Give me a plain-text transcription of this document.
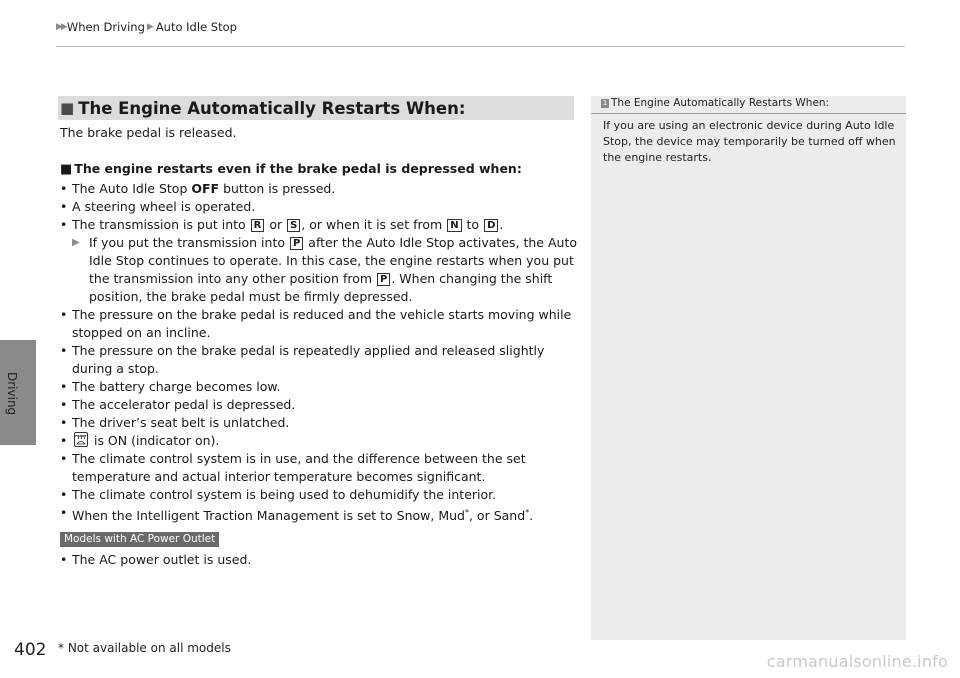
▶▶ When Driving ▶ Auto Idle Stop
Driving
■ The Engine Automatically Restarts When:

The brake pedal is released.

■ The engine restarts even if the brake pedal is depressed when:

• The Auto Idle Stop OFF button is pressed.
• A steering wheel is operated.
• The transmission is put into R or S , or when it is set from N to D .
▶ If you put the transmission into P after the Auto Idle Stop activates, the Auto Idle Stop continues to operate. In this case, the engine restarts when you put the transmission into any other position from P . When changing the shift position, the brake pedal must be firmly depressed.
• The pressure on the brake pedal is reduced and the vehicle starts moving while stopped on an incline.
• The pressure on the brake pedal is repeatedly applied and released slightly during a stop.
• The battery charge becomes low.
• The accelerator pedal is depressed.
• The driver’s seat belt is unlatched.
• FRONT is ON (indicator on).
• The climate control system is in use, and the difference between the set temperature and actual interior temperature becomes significant.
• The climate control system is being used to dehumidify the interior.
• When the Intelligent Traction Management is set to Snow, Mud*, or Sand*.
Models with AC Power Outlet
• The AC power outlet is used.
1 The Engine Automatically Restarts When:
If you are using an electronic device during Auto Idle Stop, the device may temporarily be turned off when the engine restarts.
402 * Not available on all models
carmanualsonline.info
